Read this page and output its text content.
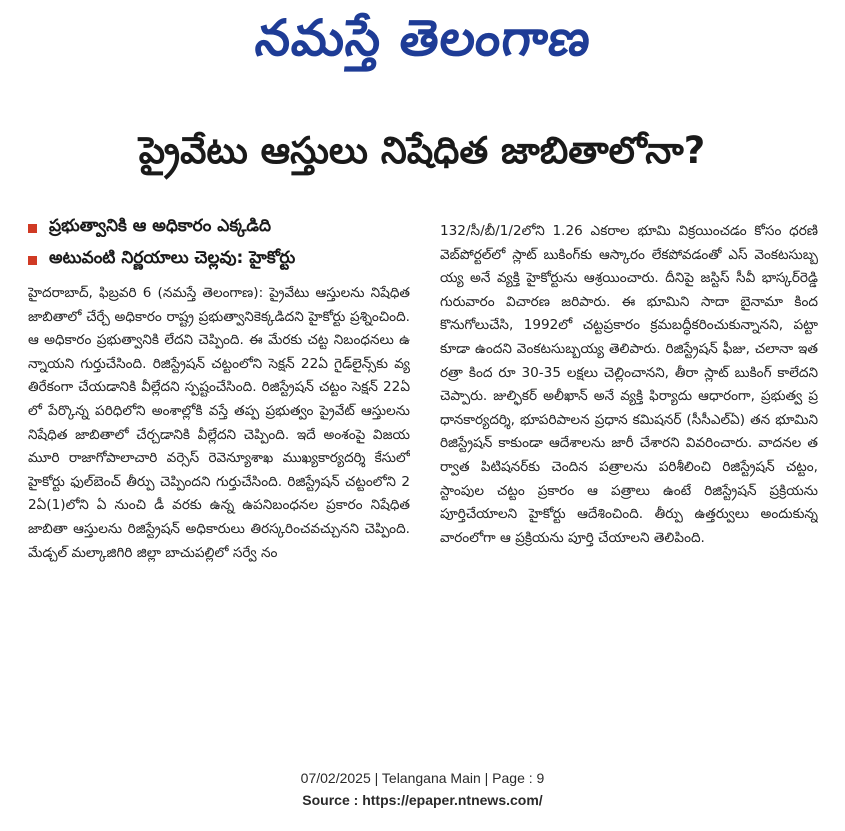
నమస్తే తెలంగాణ
ప్రైవేటు ఆస్తులు నిషేధిత జాబితాలోనా?
ప్రభుత్వానికి ఆ అధికారం ఎక్కడిది
అటువంటి నిర్ణయాలు చెల్లవు: హైకోర్టు

హైదరాబాద్, ఫిబ్రవరి 6 (నమస్తే తెలంగాణ): ప్రైవేటు ఆస్తులను నిషేధిత జాబితాలో చేర్చే అధికారం రాష్ట్ర ప్రభుత్వానికెక్కడిదని హైకోర్టు ప్రశ్నించింది. ఆ అధికారం ప్రభుత్వానికి లేదని చెప్పింది. ఈ మేరకు చట్ట నిబంధనలు ఉన్నాయని గుర్తుచేసింది. రిజిస్ట్రేషన్ చట్టంలోని సెక్షన్ 22ఏ గైడ్‌లైన్స్‌కు వ్యతిరేకంగా చేయడానికి వీల్లేదని స్పష్టంచేసింది. రిజిస్ట్రేషన్ చట్టం సెక్షన్ 22ఏలో పేర్కొన్న పరిధిలోని అంశాల్లోకి వస్తే తప్ప ప్రభుత్వం ప్రైవేట్ ఆస్తులను నిషేధిత జాబితాలో చేర్చడానికి వీల్లేదని చెప్పింది. ఇదే అంశంపై విజయమూరి రాజాగోపాలాచారి వర్సెస్ రెవెన్యూశాఖ ముఖ్యకార్యదర్శి కేసులో హైకోర్టు ఫుల్‌బెంచ్ తీర్పు చెప్పిందని గుర్తుచేసింది. రిజిస్ట్రేషన్ చట్టంలోని 22ఏ(1)లోని ఏ నుంచి డీ వరకు ఉన్న ఉపనిబంధనల ప్రకారం నిషేధిత జాబితా ఆస్తులను రిజిస్ట్రేషన్ అధికారులు తిరస్కరించవచ్చునని చెప్పింది. మేడ్చల్ మల్కాజిగిరి జిల్లా బాచుపల్లిలో సర్వే నం

132/సీ/బీ/1/2లోని 1.26 ఎకరాల భూమి విక్రయించడం కోసం ధరణి వెబ్‌పోర్టల్‌లో స్లాట్ బుకింగ్‌కు ఆస్కారం లేకపోవడంతో ఎస్ వెంకటసుబ్బయ్య అనే వ్యక్తి హైకోర్టును ఆశ్రయించారు. దీనిపై జస్టిస్ సీవీ భాస్కర్‌రెడ్డి గురువారం విచారణ జరిపారు. ఈ భూమిని సాదా బైనామా కింద కొనుగోలుచేసి, 1992లో చట్టప్రకారం క్రమబద్ధీకరించుకున్నానని, పట్టా కూడా ఉందని వెంకటసుబ్బయ్య తెలిపారు. రిజిస్ట్రేషన్ ఫీజు, చలానా ఇతరత్రా కింద రూ 30-35 లక్షలు చెల్లించానని, తీరా స్లాట్ బుకింగ్ కాలేదని చెప్పారు. జుల్ఫికర్ అలీఖాన్ అనే వ్యక్తి ఫిర్యాదు ఆధారంగా, ప్రభుత్వ ప్రధానకార్యదర్శి, భూపరిపాలన ప్రధాన కమిషనర్ (సీసీఎల్ఏ) తన భూమిని రిజిస్ట్రేషన్ కాకుండా ఆదేశాలను జారీ చేశారని వివరించారు. వాదనల తర్వాత పిటిషనర్‌కు చెందిన పత్రాలను పరిశీలించి రిజిస్ట్రేషన్ చట్టం, స్టాంపుల చట్టం ప్రకారం ఆ పత్రాలు ఉంటే రిజిస్ట్రేషన్ ప్రక్రియను పూర్తిచేయాలని హైకోర్టు ఆదేశించింది. తీర్పు ఉత్తర్వులు అందుకున్న వారంలోగా ఆ ప్రక్రియను పూర్తి చేయాలని తెలిపింది.

07/02/2025 | Telangana Main | Page : 9
Source : https://epaper.ntnews.com/
